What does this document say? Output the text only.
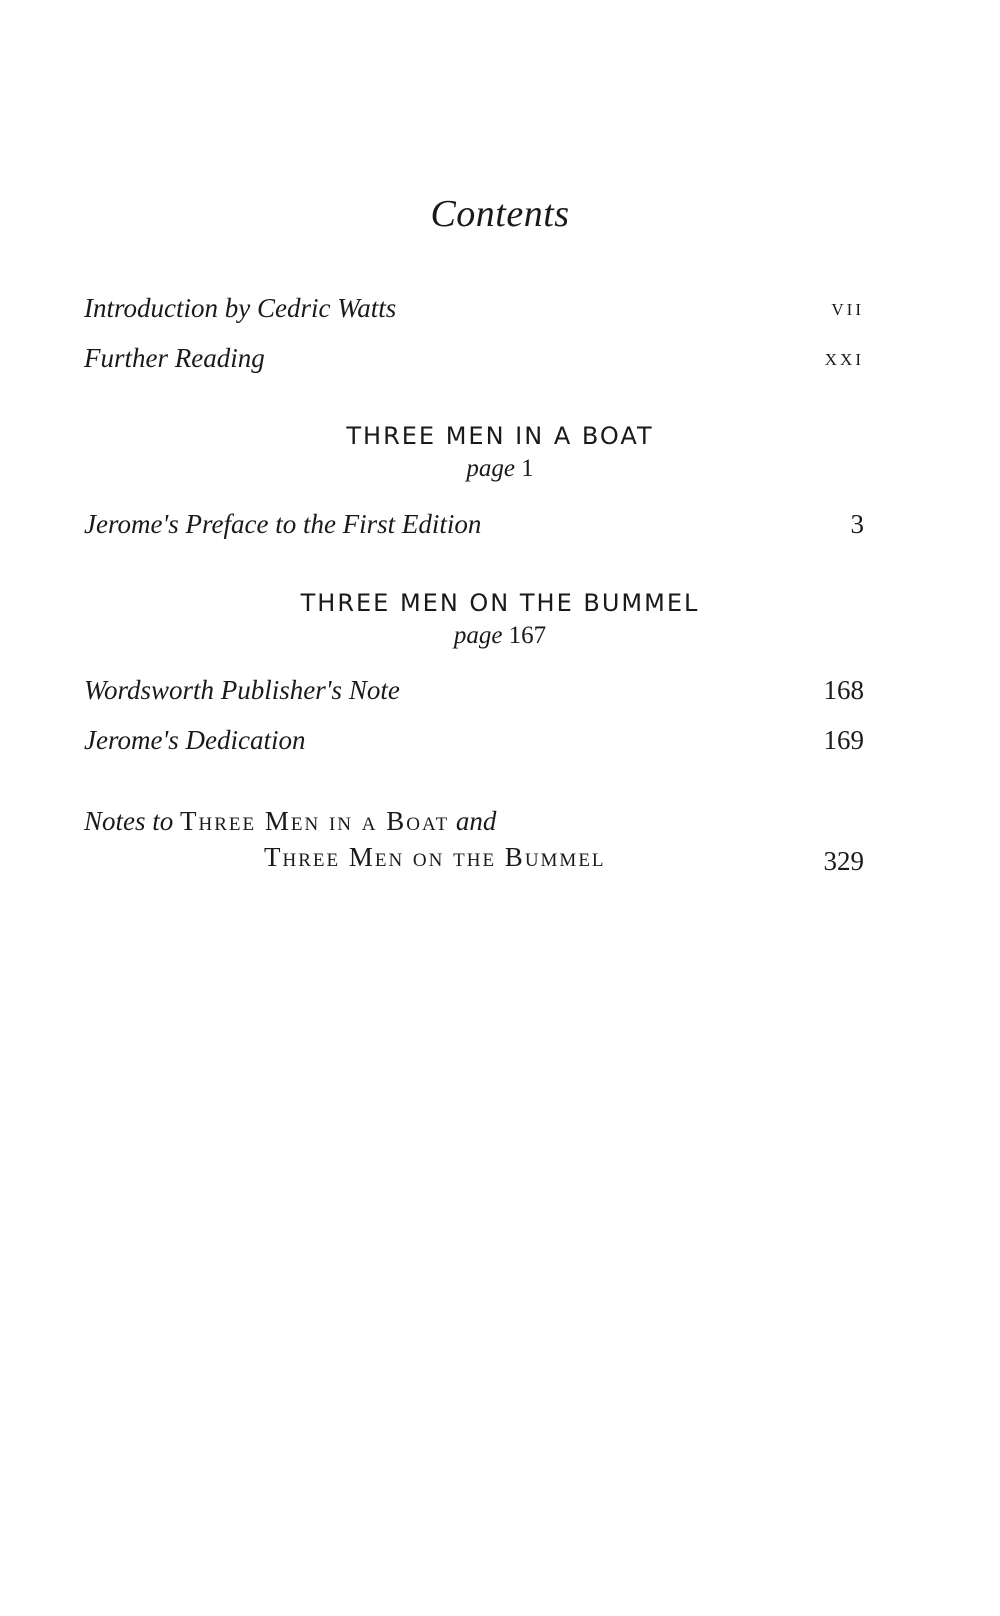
Contents
Introduction by Cedric Watts	VII
Further Reading	XXI
THREE MEN IN A BOAT
page 1
Jerome's Preface to the First Edition	3
THREE MEN ON THE BUMMEL
page 167
Wordsworth Publisher's Note	168
Jerome's Dedication	169
Notes to Three Men in a Boat and
Three Men on the Bummel	329
